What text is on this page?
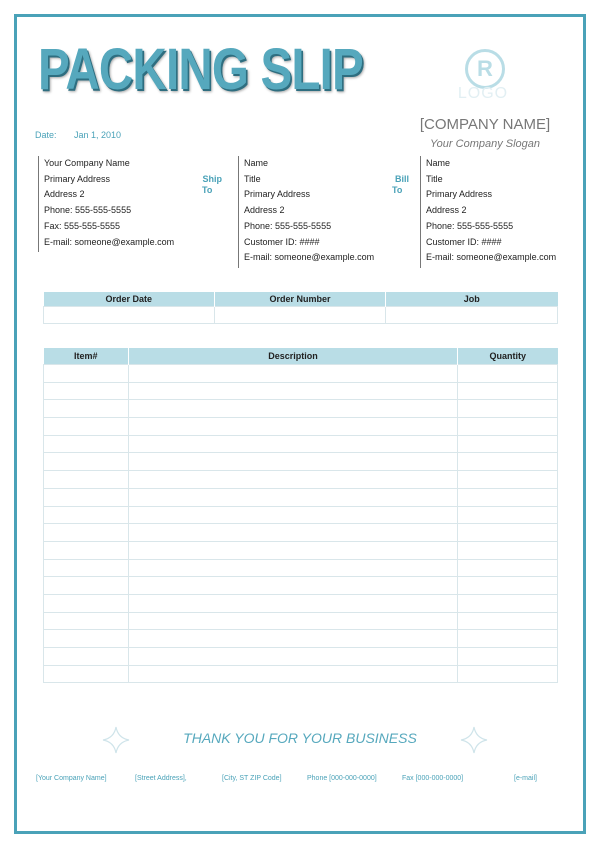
PACKING SLIP	R
LOGO
[COMPANY NAME]
Your Company Slogan
Date: Jan 1, 2010
Your Company Name
Primary Address
Address 2
Phone: 555-555-5555
Fax: 555-555-5555
E-mail: someone@example.com
Ship
To
Name
Title
Primary Address
Address 2
Phone: 555-555-5555
Customer ID: ####
E-mail: someone@example.com
Bill
To
Name
Title
Primary Address
Address 2
Phone: 555-555-5555
Customer ID: ####
E-mail: someone@example.com
Order Date	Order Number	Job

Item#	Description	Quantity

THANK YOU FOR YOUR BUSINESS
[Your Company Name]	[Street Address],	[City, ST ZIP Code]	Phone [000-000-0000]	Fax [000-000-0000]	[e-mail]
